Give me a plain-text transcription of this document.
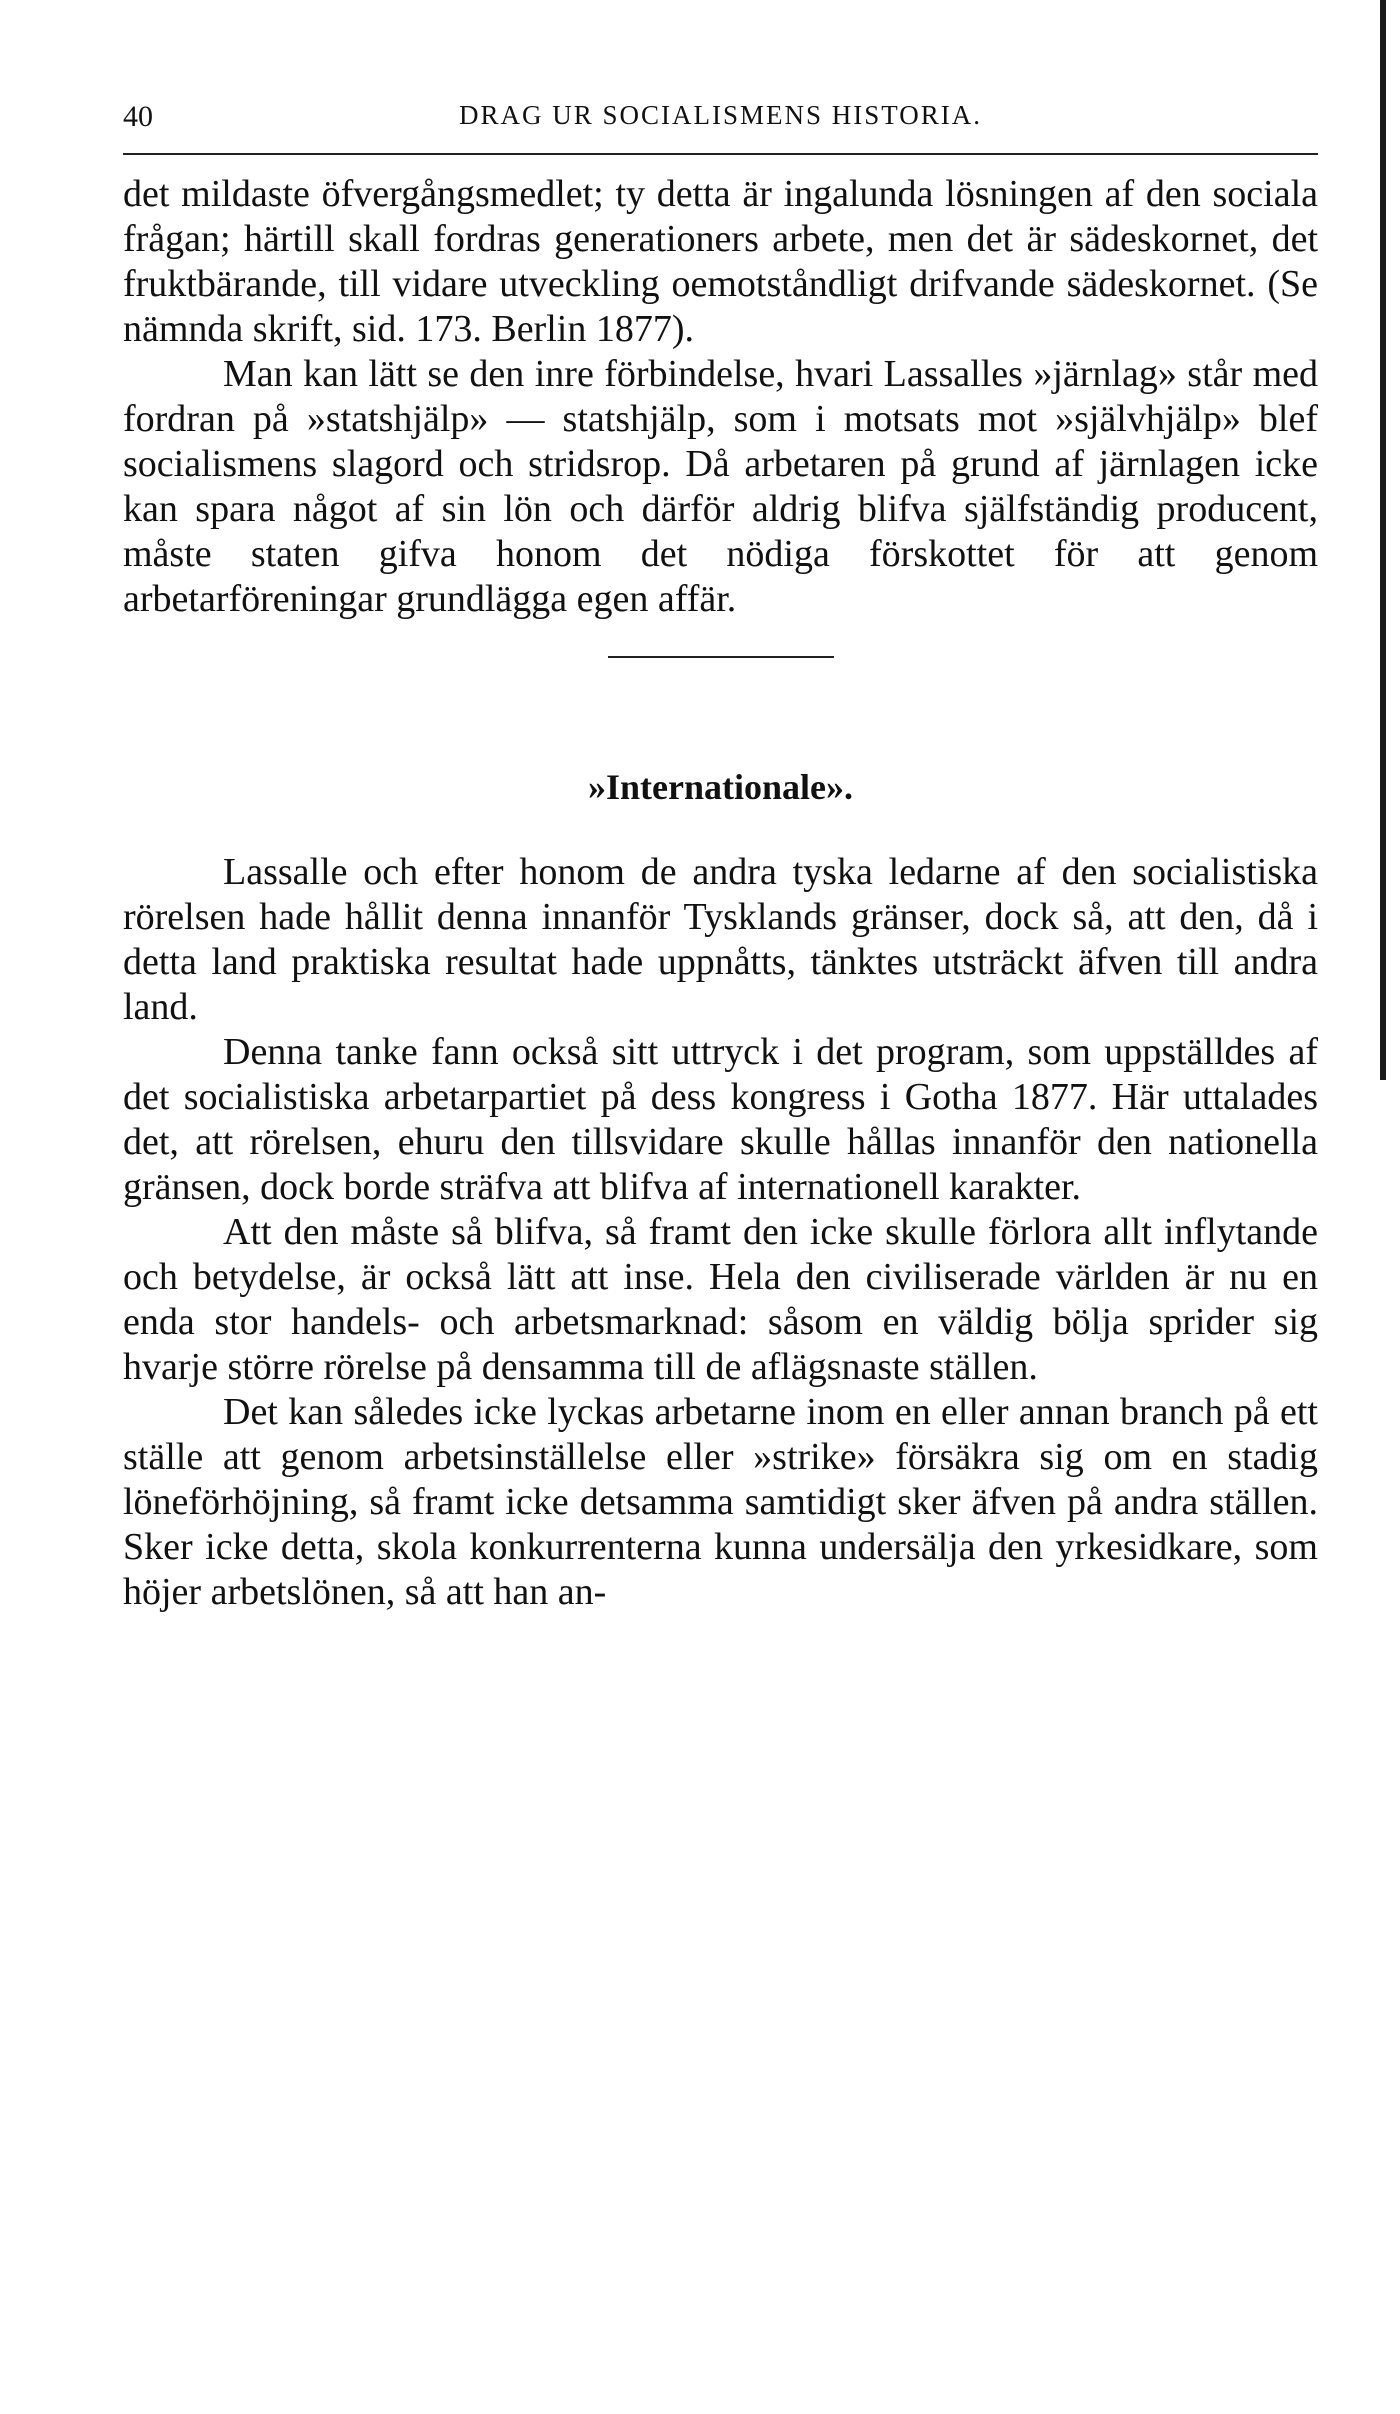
40	DRAG UR SOCIALISMENS HISTORIA.

det mildaste öfvergångsmedlet; ty detta är ingalunda lösningen af den sociala frågan; härtill skall fordras generationers arbete, men det är sädeskornet, det fruktbärande, till vidare utveckling oemotståndligt drifvande sädeskornet. (Se nämnda skrift, sid. 173. Berlin 1877).

Man kan lätt se den inre förbindelse, hvari Lassalles »järnlag» står med fordran på »statshjälp» — statshjälp, som i motsats mot »självhjälp» blef socialismens slagord och stridsrop. Då arbetaren på grund af järnlagen icke kan spara något af sin lön och därför aldrig blifva själfständig producent, måste staten gifva honom det nödiga förskottet för att genom arbetarföreningar grundlägga egen affär.

»Internationale».

Lassalle och efter honom de andra tyska ledarne af den socialistiska rörelsen hade hållit denna innanför Tysklands gränser, dock så, att den, då i detta land praktiska resultat hade uppnåtts, tänktes utsträckt äfven till andra land.

Denna tanke fann också sitt uttryck i det program, som uppställdes af det socialistiska arbetarpartiet på dess kongress i Gotha 1877. Här uttalades det, att rörelsen, ehuru den tillsvidare skulle hållas innanför den nationella gränsen, dock borde sträfva att blifva af internationell karakter.

Att den måste så blifva, så framt den icke skulle förlora allt inflytande och betydelse, är också lätt att inse. Hela den civiliserade världen är nu en enda stor handels- och arbetsmarknad: såsom en väldig bölja sprider sig hvarje större rörelse på densamma till de aflägsnaste ställen.

Det kan således icke lyckas arbetarne inom en eller annan branch på ett ställe att genom arbetsinställelse eller »strike» försäkra sig om en stadig löneförhöjning, så framt icke detsamma samtidigt sker äfven på andra ställen. Sker icke detta, skola konkurrenterna kunna undersälja den yrkesidkare, som höjer arbetslönen, så att han an-
